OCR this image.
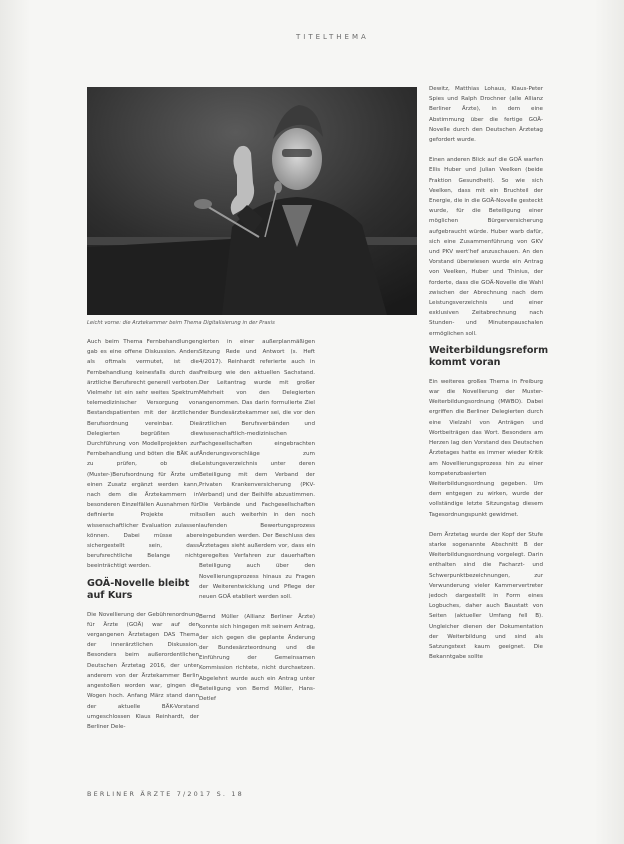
TITELTHEMA
Leicht vorne: die Ärztekammer beim Thema Digitalisierung in der Praxis

Auch beim Thema Fernbehandlungen gab es eine offene Diskussion. Anders als oftmals vermutet, ist die Fernbehandlung keinesfalls durch das ärztliche Berufsrecht generell verboten. Vielmehr ist ein sehr weites Spektrum telemedizinischer Versorgung von Bestandspatienten mit der ärztlichen Berufsordnung vereinbar. Die Delegierten begrüßten die Durchführung von Modellprojekten zur Fernbehandlung und böten die BÄK auf zu prüfen, ob die (Muster-)Berufsordnung für Ärzte um einen Zusatz ergänzt werden kann, nach dem die Ärztekammern in besonderen Einzelfällen Ausnahmen für definierte Projekte mit wissenschaftlicher Evaluation zulassen können. Dabei müsse aber sichergestellt sein, dass berufsrechtliche Belange nicht beeinträchtigt werden.

GOÄ-Novelle bleibt auf Kurs

Die Novellierung der Gebührenordnung für Ärzte (GOÄ) war auf den vergangenen Ärztetagen DAS Thema der innerärztlichen Diskussion. Besonders beim außerordentlichen Deutschen Ärztetag 2016, der unter anderem von der Ärztekammer Berlin angestoßen worden war, gingen die Wogen hoch. Anfang März stand dann der aktuelle BÄK-Vorstand umgeschlossen Klaus Reinhardt, der Berliner Dele-

gierten in einer außerplanmäßigen Sitzung Rede und Antwort (s. Heft 4/2017). Reinhardt referierte auch in Freiburg wie den aktuellen Sachstand. Der Leitantrag wurde mit großer Mehrheit von den Delegierten angenommen. Das darin formulierte Ziel der Bundesärztekammer sei, die vor den ärztlichen Berufsverbänden und wissenschaftlich-medizinischen Fachgesellschaften eingebrachten Änderungsvorschläge zum Leistungsverzeichnis unter deren Beteiligung mit dem Verband der Privaten Krankenversicherung (PKV-Verband) und der Beihilfe abzustimmen. Die Verbände und Fachgesellschaften sollen auch weiterhin in den noch laufenden Bewertungsprozess eingebunden werden. Der Beschluss des Ärztetages sieht außerdem vor, dass ein geregeltes Verfahren zur dauerhaften Beteiligung auch über den Novellierungsprozess hinaus zu Fragen der Weiterentwicklung und Pflege der neuen GOÄ etabliert werden soll.

Bernd Müller (Allianz Berliner Ärzte) konnte sich hingegen mit seinem Antrag, der sich gegen die geplante Änderung der Bundesärzteordnung und die Einführung der Gemeinsamen Kommission richtete, nicht durchsetzen. Abgelehnt wurde auch ein Antrag unter Beteiligung von Bernd Müller, Hans-Detlef

Dewitz, Matthias Lohaus, Klaus-Peter Spies und Ralph Drochner (alle Allianz Berliner Ärzte), in dem eine Abstimmung über die fertige GOÄ-Novelle durch den Deutschen Ärztetag gefordert wurde.

Einen anderen Blick auf die GOÄ warfen Ellis Huber und Julian Veelken (beide Fraktion Gesundheit). So wie sich Veelken, dass mit ein Bruchteil der Energie, die in die GOÄ-Novelle gesteckt wurde, für die Beteiligung einer möglichen Bürgerversicherung aufgebraucht würde. Huber warb dafür, sich eine Zusammenführung von GKV und PKV wert'hef anzuschauen. An den Vorstand überwiesen wurde ein Antrag von Veelken, Huber und Thinius, der forderte, dass die GOÄ-Novelle die Wahl zwischen der Abrechnung nach dem Leistungsverzeichnis und einer exklusiven Zeitabrechnung nach Stunden- und Minutenpauschalen ermöglichen soll.

Weiterbildungsreform kommt voran

Ein weiteres großes Thema in Freiburg war die Novellierung der Muster-Weiterbildungsordnung (MWBO). Dabei ergriffen die Berliner Delegierten durch eine Vielzahl von Anträgen und Wortbeiträgen das Wort. Besonders am Herzen lag den Vorstand des Deutschen Ärztetages hatte es immer wieder Kritik am Novellierungsprozess hin zu einer kompetenzbasierten Weiterbildungsordnung gegeben. Um dem entgegen zu wirken, wurde der vollständige letzte Sitzungstag diesem Tagesordnungspunkt gewidmet.

Dem Ärztetag wurde der Kopf der Stufe starke sogenannte Abschnitt B der Weiterbildungsordnung vorgelegt. Darin enthalten sind die Facharzt- und Schwerpunktbezeichnungen, zur Verwunderung vieler Kammervertreter jedoch dargestellt in Form eines Logbuches, daher auch Baustatt von Seiten (aktueller Umfang fell B). Ungleicher dienen der Dokumentation der Weiterbildung und sind als Satzungstext kaum geeignet. Die Bekanntgabe sollte

BERLINER ÄRZTE 7/2017 S. 18
